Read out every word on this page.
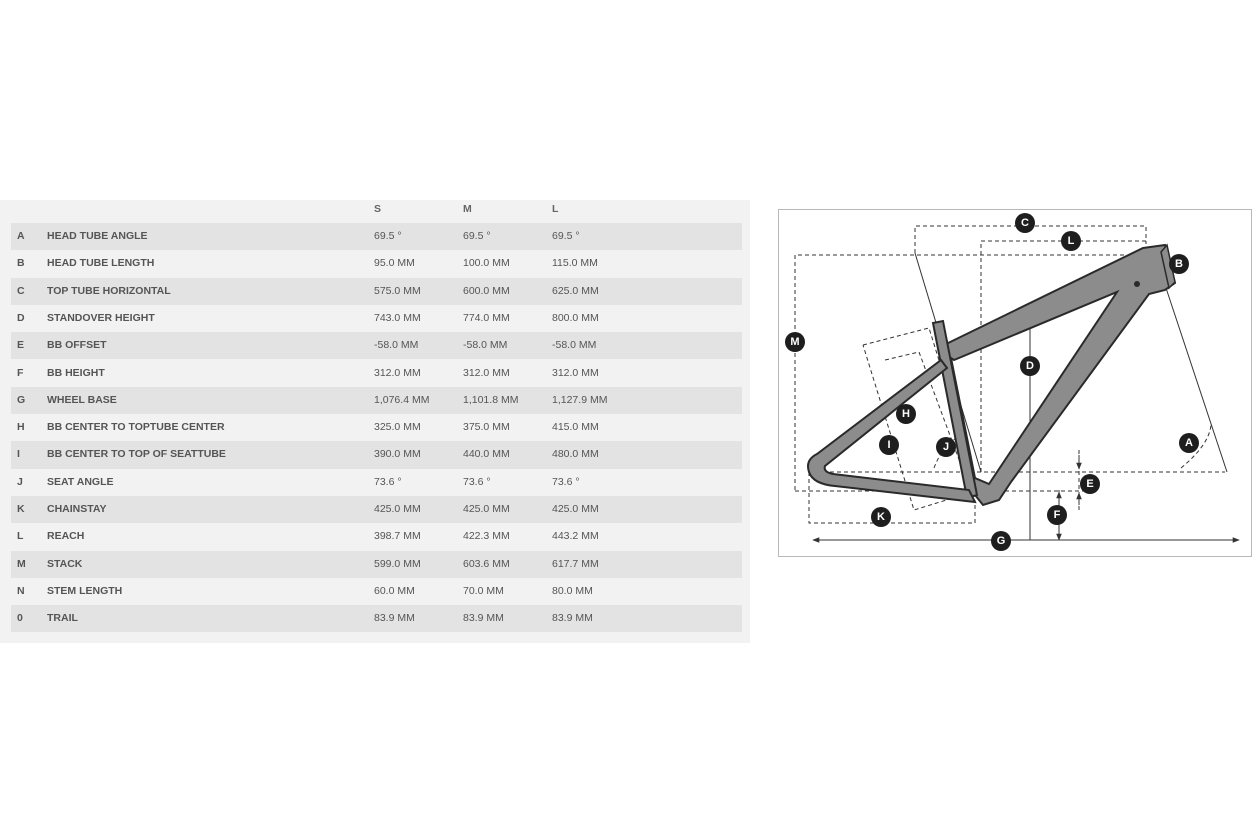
S	M	L
A HEAD TUBE ANGLE	69.5 °	69.5 °	69.5 °
B HEAD TUBE LENGTH	95.0 MM	100.0 MM	115.0 MM
C TOP TUBE HORIZONTAL	575.0 MM	600.0 MM	625.0 MM
D STANDOVER HEIGHT	743.0 MM	774.0 MM	800.0 MM
E BB OFFSET	-58.0 MM	-58.0 MM	-58.0 MM
F BB HEIGHT	312.0 MM	312.0 MM	312.0 MM
G WHEEL BASE	1,076.4 MM	1,101.8 MM	1,127.9 MM
H BB CENTER TO TOPTUBE CENTER	325.0 MM	375.0 MM	415.0 MM
I	BB CENTER TO TOP OF SEATTUBE	390.0 MM	440.0 MM	480.0 MM
J SEAT ANGLE	73.6 °	73.6 °	73.6 °
K CHAINSTAY	425.0 MM	425.0 MM	425.0 MM
L REACH	398.7 MM	422.3 MM	443.2 MM
M STACK	599.0 MM	603.6 MM	617.7 MM
N STEM LENGTH	60.0 MM	70.0 MM	80.0 MM
0 TRAIL	83.9 MM	83.9 MM	83.9 MM
A
B
C
D
E
F
G
H
I	J
K
L
M
